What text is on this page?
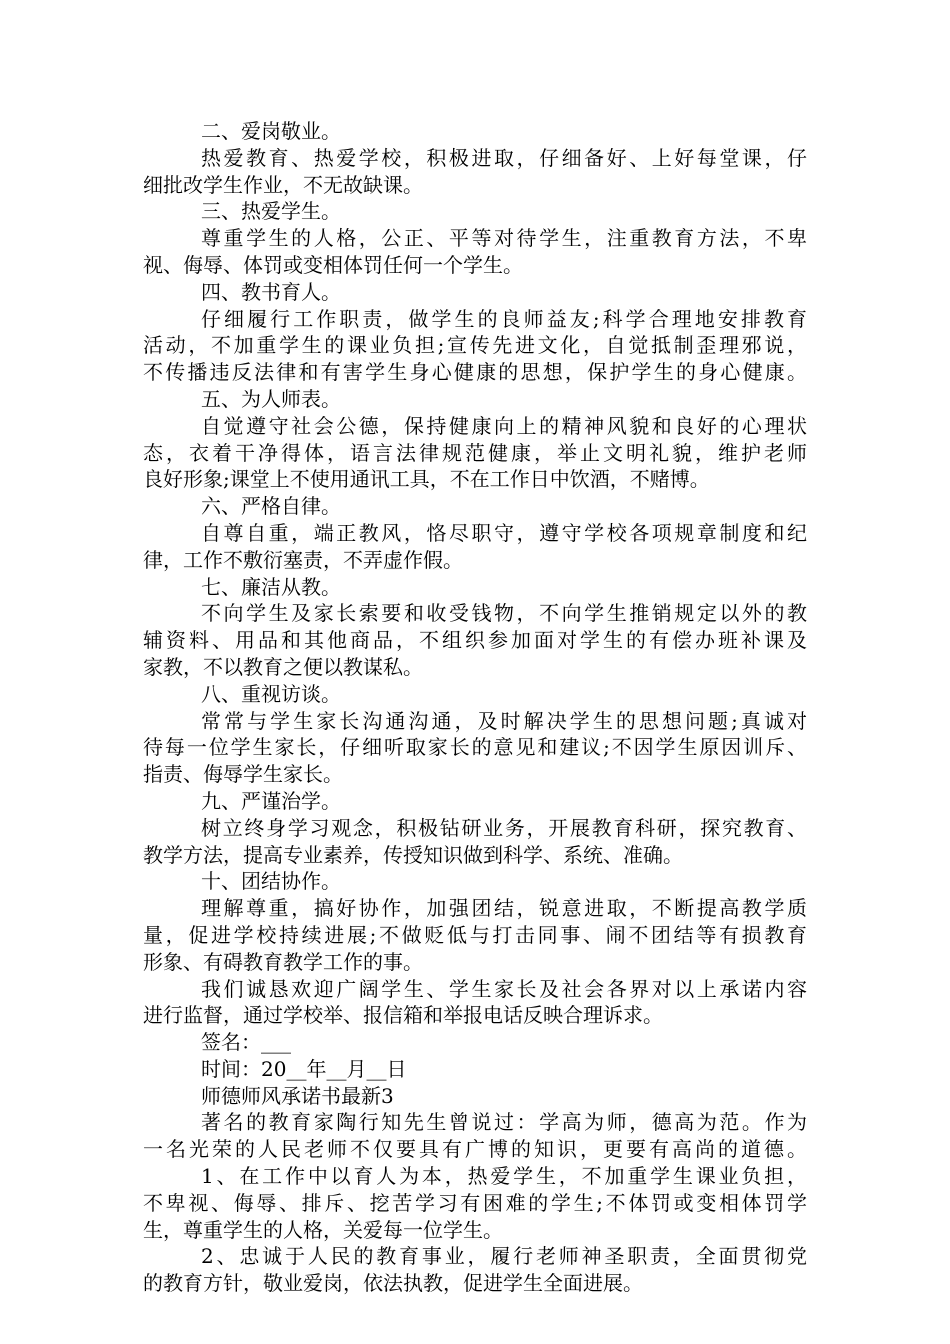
二、爱岗敬业。
热爱教育、热爱学校，积极进取，仔细备好、上好每堂课，仔
细批改学生作业，不无故缺课。
三、热爱学生。
尊重学生的人格，公正、平等对待学生，注重教育方法，不卑
视、侮辱、体罚或变相体罚任何一个学生。
四、教书育人。
仔细履行工作职责，做学生的良师益友;科学合理地安排教育
活动，不加重学生的课业负担;宣传先进文化，自觉抵制歪理邪说，
不传播违反法律和有害学生身心健康的思想，保护学生的身心健康。
五、为人师表。
自觉遵守社会公德，保持健康向上的精神风貌和良好的心理状
态，衣着干净得体，语言法律规范健康，举止文明礼貌，维护老师
良好形象;课堂上不使用通讯工具，不在工作日中饮酒，不赌博。
六、严格自律。
自尊自重，端正教风，恪尽职守，遵守学校各项规章制度和纪
律，工作不敷衍塞责，不弄虚作假。
七、廉洁从教。
不向学生及家长索要和收受钱物，不向学生推销规定以外的教
辅资料、用品和其他商品，不组织参加面对学生的有偿办班补课及
家教，不以教育之便以教谋私。
八、重视访谈。
常常与学生家长沟通沟通，及时解决学生的思想问题;真诚对
待每一位学生家长，仔细听取家长的意见和建议;不因学生原因训斥、
指责、侮辱学生家长。
九、严谨治学。
树立终身学习观念，积极钻研业务，开展教育科研，探究教育、
教学方法，提高专业素养，传授知识做到科学、系统、准确。
十、团结协作。
理解尊重，搞好协作，加强团结，锐意进取，不断提高教学质
量，促进学校持续进展;不做贬低与打击同事、闹不团结等有损教育
形象、有碍教育教学工作的事。
我们诚恳欢迎广阔学生、学生家长及社会各界对以上承诺内容
进行监督，通过学校举、报信箱和举报电话反映合理诉求。
签名：___
时间：20__年__月__日
师德师风承诺书最新3
著名的教育家陶行知先生曾说过：学高为师，德高为范。作为
一名光荣的人民老师不仅要具有广博的知识，更要有高尚的道德。
1、在工作中以育人为本，热爱学生，不加重学生课业负担，
不卑视、侮辱、排斥、挖苦学习有困难的学生;不体罚或变相体罚学
生，尊重学生的人格，关爱每一位学生。
2、忠诚于人民的教育事业，履行老师神圣职责，全面贯彻党
的教育方针，敬业爱岗，依法执教，促进学生全面进展。
